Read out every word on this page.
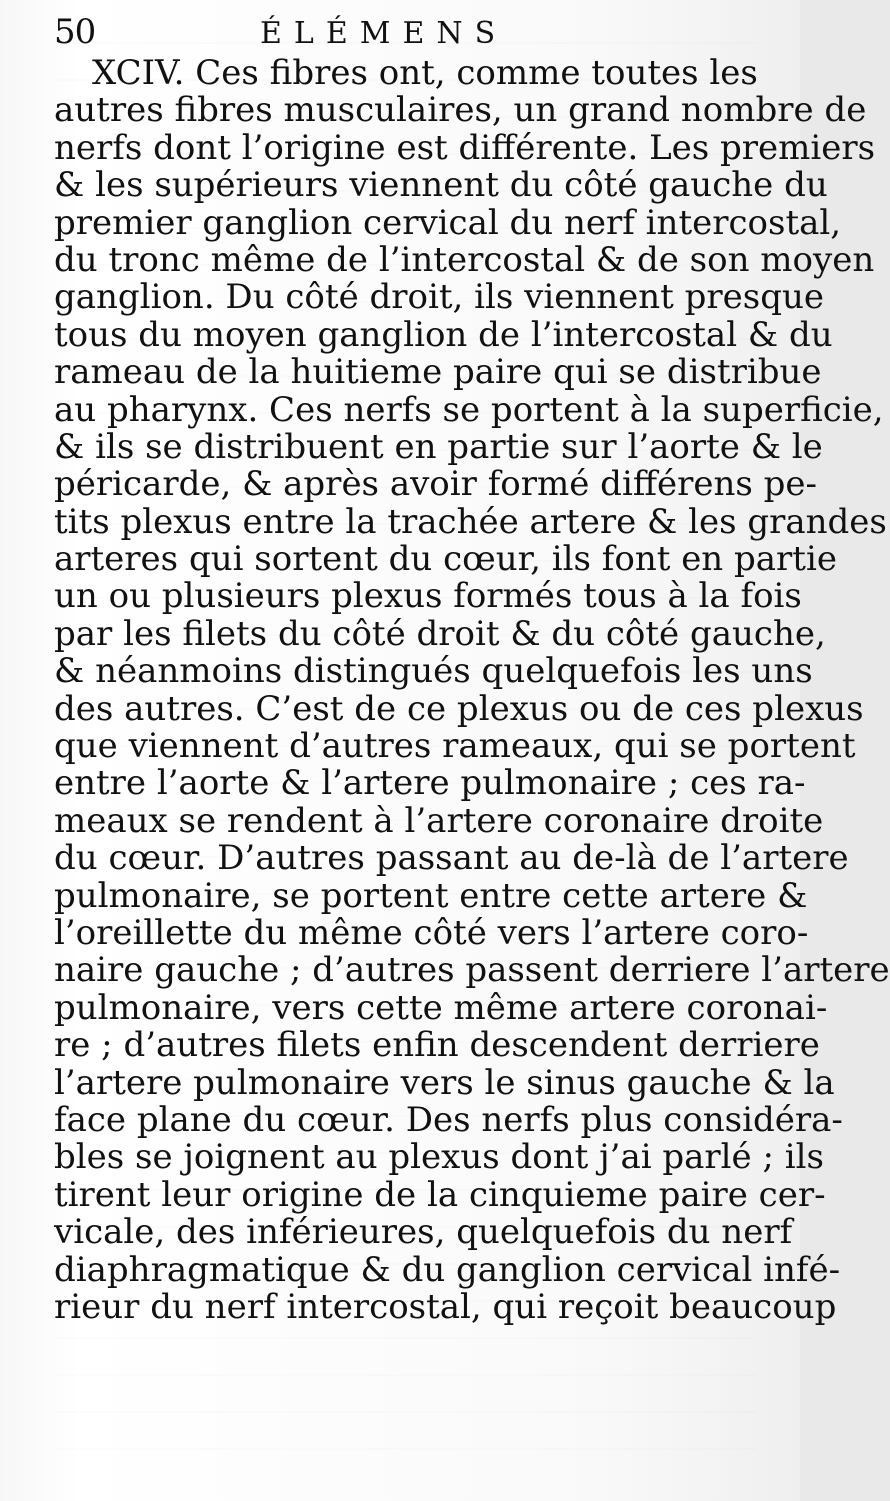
50	ÉLÉMENS
XCIV. Ces fibres ont, comme toutes les
autres fibres musculaires, un grand nombre de
nerfs dont l’origine est différente. Les premiers
& les supérieurs viennent du côté gauche du
premier ganglion cervical du nerf intercostal,
du tronc même de l’intercostal & de son moyen
ganglion. Du côté droit, ils viennent presque
tous du moyen ganglion de l’intercostal & du
rameau de la huitieme paire qui se distribue
au pharynx. Ces nerfs se portent à la superficie,
& ils se distribuent en partie sur l’aorte & le
péricarde, & après avoir formé différens pe-
tits plexus entre la trachée artere & les grandes
arteres qui sortent du cœur, ils font en partie
un ou plusieurs plexus formés tous à la fois
par les filets du côté droit & du côté gauche,
& néanmoins distingués quelquefois les uns
des autres. C’est de ce plexus ou de ces plexus
que viennent d’autres rameaux, qui se portent
entre l’aorte & l’artere pulmonaire ; ces ra-
meaux se rendent à l’artere coronaire droite
du cœur. D’autres passant au de-là de l’artere
pulmonaire, se portent entre cette artere &
l’oreillette du même côté vers l’artere coro-
naire gauche ; d’autres passent derriere l’artere
pulmonaire, vers cette même artere coronai-
re ; d’autres filets enfin descendent derriere
l’artere pulmonaire vers le sinus gauche & la
face plane du cœur. Des nerfs plus considéra-
bles se joignent au plexus dont j’ai parlé ; ils
tirent leur origine de la cinquieme paire cer-
vicale, des inférieures, quelquefois du nerf
diaphragmatique & du ganglion cervical infé-
rieur du nerf intercostal, qui reçoit beaucoup
